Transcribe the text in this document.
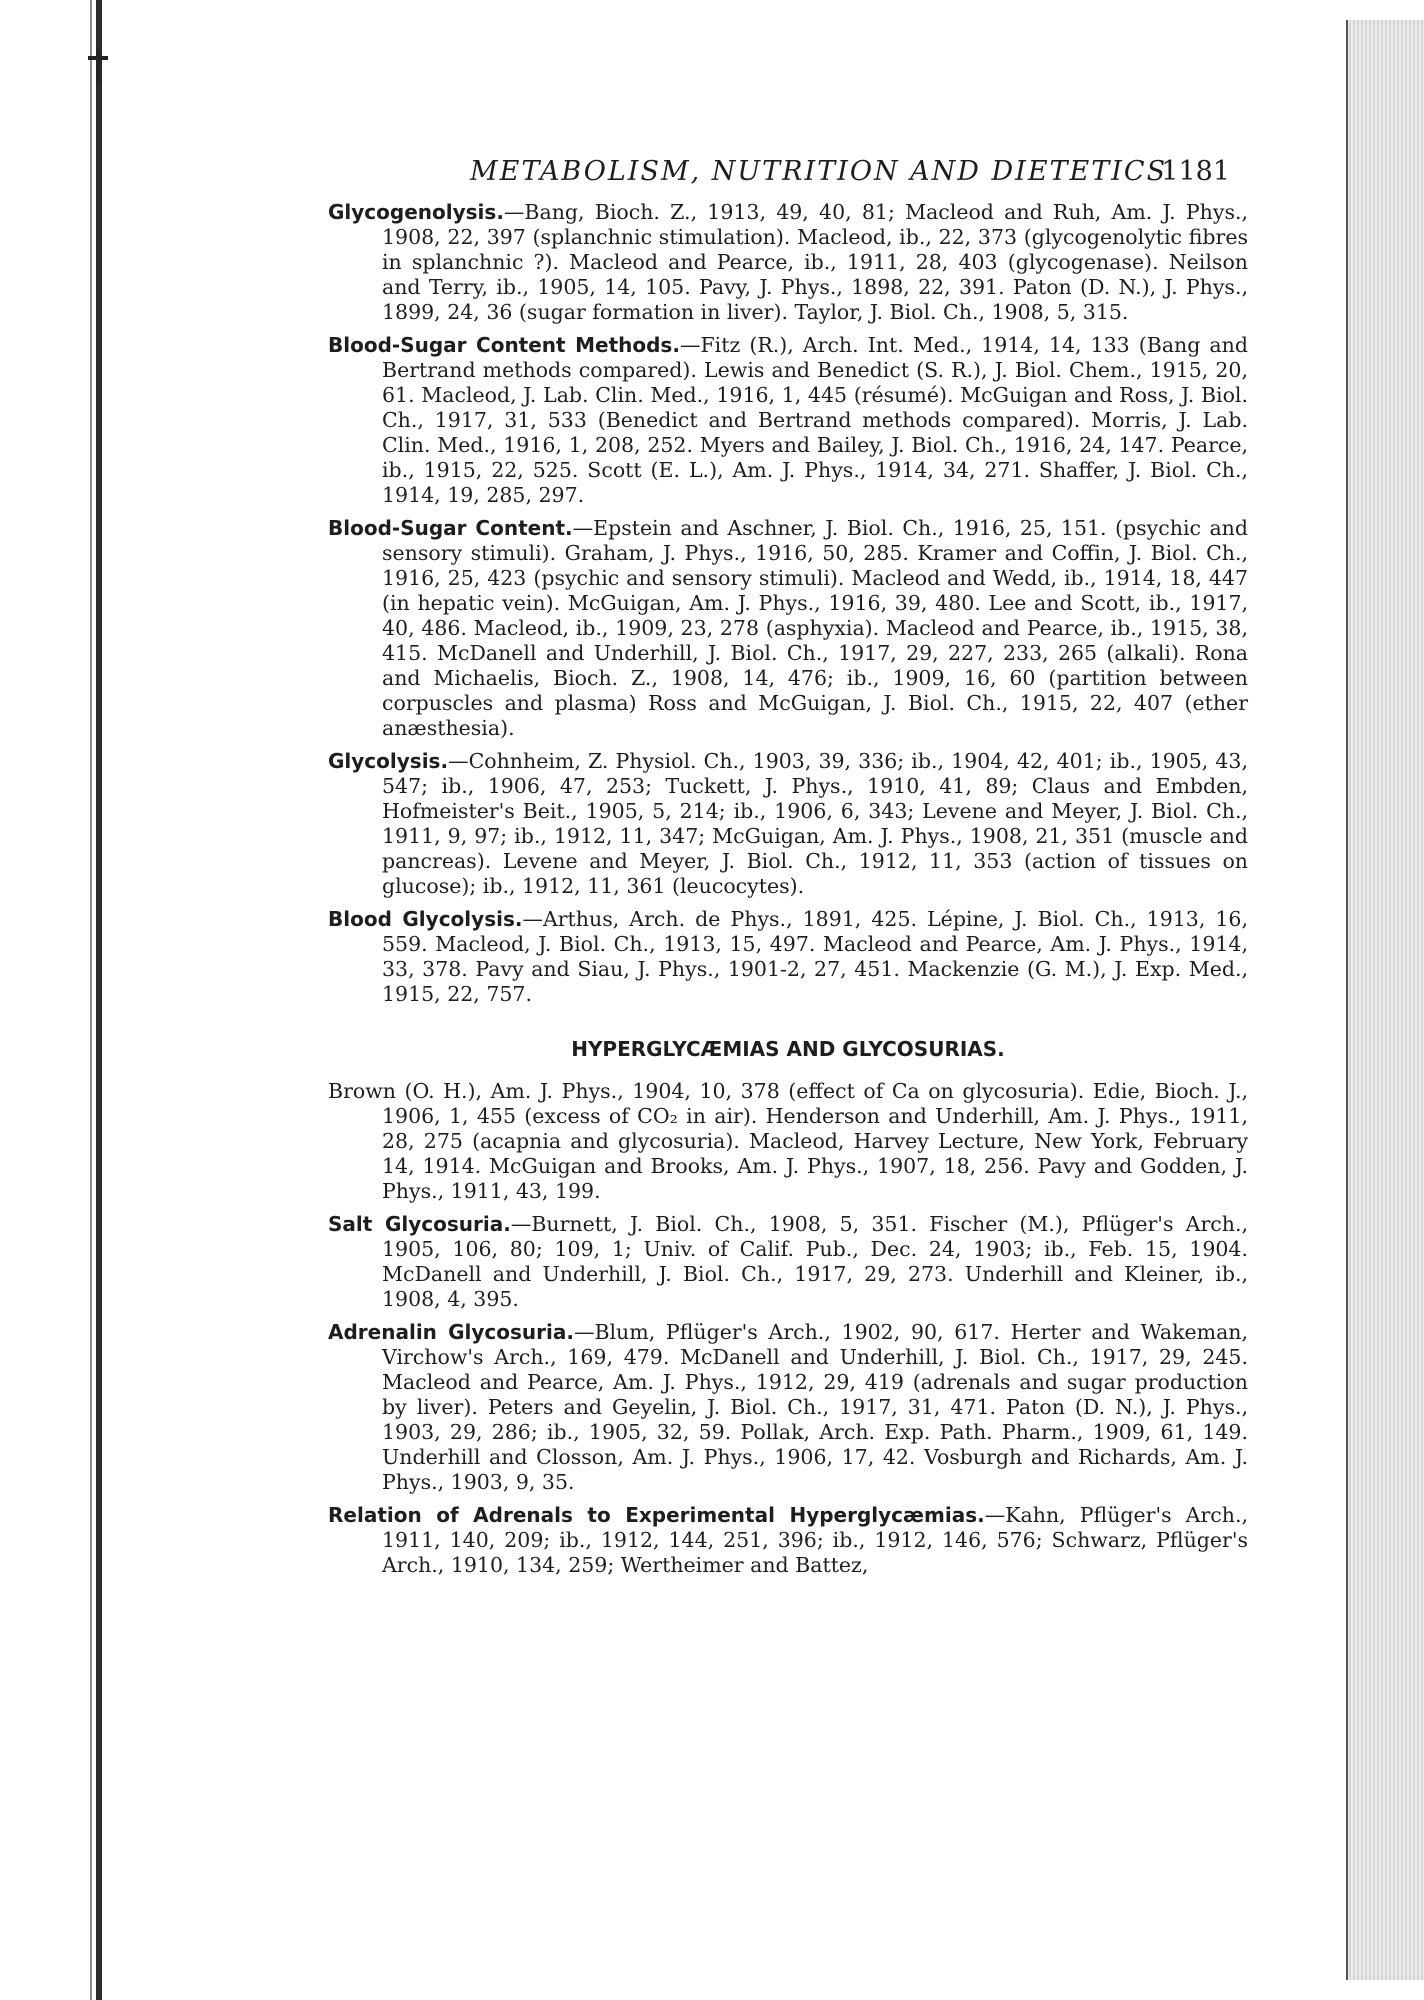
METABOLISM, NUTRITION AND DIETETICS
1181

Glycogenolysis.—Bang, Bioch. Z., 1913, 49, 40, 81; Macleod and Ruh, Am. J. Phys., 1908, 22, 397 (splanchnic stimulation). Macleod, ib., 22, 373 (glycogenolytic fibres in splanchnic ?). Macleod and Pearce, ib., 1911, 28, 403 (glycogenase). Neilson and Terry, ib., 1905, 14, 105. Pavy, J. Phys., 1898, 22, 391. Paton (D. N.), J. Phys., 1899, 24, 36 (sugar formation in liver). Taylor, J. Biol. Ch., 1908, 5, 315.

Blood-Sugar Content Methods.—Fitz (R.), Arch. Int. Med., 1914, 14, 133 (Bang and Bertrand methods compared). Lewis and Benedict (S. R.), J. Biol. Chem., 1915, 20, 61. Macleod, J. Lab. Clin. Med., 1916, 1, 445 (résumé). McGuigan and Ross, J. Biol. Ch., 1917, 31, 533 (Benedict and Bertrand methods compared). Morris, J. Lab. Clin. Med., 1916, 1, 208, 252. Myers and Bailey, J. Biol. Ch., 1916, 24, 147. Pearce, ib., 1915, 22, 525. Scott (E. L.), Am. J. Phys., 1914, 34, 271. Shaffer, J. Biol. Ch., 1914, 19, 285, 297.

Blood-Sugar Content.—Epstein and Aschner, J. Biol. Ch., 1916, 25, 151. (psychic and sensory stimuli). Graham, J. Phys., 1916, 50, 285. Kramer and Coffin, J. Biol. Ch., 1916, 25, 423 (psychic and sensory stimuli). Macleod and Wedd, ib., 1914, 18, 447 (in hepatic vein). McGuigan, Am. J. Phys., 1916, 39, 480. Lee and Scott, ib., 1917, 40, 486. Macleod, ib., 1909, 23, 278 (asphyxia). Macleod and Pearce, ib., 1915, 38, 415. McDanell and Underhill, J. Biol. Ch., 1917, 29, 227, 233, 265 (alkali). Rona and Michaelis, Bioch. Z., 1908, 14, 476; ib., 1909, 16, 60 (partition between corpuscles and plasma) Ross and McGuigan, J. Biol. Ch., 1915, 22, 407 (ether anæsthesia).

Glycolysis.—Cohnheim, Z. Physiol. Ch., 1903, 39, 336; ib., 1904, 42, 401; ib., 1905, 43, 547; ib., 1906, 47, 253; Tuckett, J. Phys., 1910, 41, 89; Claus and Embden, Hofmeister's Beit., 1905, 5, 214; ib., 1906, 6, 343; Levene and Meyer, J. Biol. Ch., 1911, 9, 97; ib., 1912, 11, 347; McGuigan, Am. J. Phys., 1908, 21, 351 (muscle and pancreas). Levene and Meyer, J. Biol. Ch., 1912, 11, 353 (action of tissues on glucose); ib., 1912, 11, 361 (leucocytes).

Blood Glycolysis.—Arthus, Arch. de Phys., 1891, 425. Lépine, J. Biol. Ch., 1913, 16, 559. Macleod, J. Biol. Ch., 1913, 15, 497. Macleod and Pearce, Am. J. Phys., 1914, 33, 378. Pavy and Siau, J. Phys., 1901-2, 27, 451. Mackenzie (G. M.), J. Exp. Med., 1915, 22, 757.

HYPERGLYCÆMIAS AND GLYCOSURIAS.

Brown (O. H.), Am. J. Phys., 1904, 10, 378 (effect of Ca on glycosuria). Edie, Bioch. J., 1906, 1, 455 (excess of CO₂ in air). Henderson and Underhill, Am. J. Phys., 1911, 28, 275 (acapnia and glycosuria). Macleod, Harvey Lecture, New York, February 14, 1914. McGuigan and Brooks, Am. J. Phys., 1907, 18, 256. Pavy and Godden, J. Phys., 1911, 43, 199.

Salt Glycosuria.—Burnett, J. Biol. Ch., 1908, 5, 351. Fischer (M.), Pflüger's Arch., 1905, 106, 80; 109, 1; Univ. of Calif. Pub., Dec. 24, 1903; ib., Feb. 15, 1904. McDanell and Underhill, J. Biol. Ch., 1917, 29, 273. Underhill and Kleiner, ib., 1908, 4, 395.

Adrenalin Glycosuria.—Blum, Pflüger's Arch., 1902, 90, 617. Herter and Wakeman, Virchow's Arch., 169, 479. McDanell and Underhill, J. Biol. Ch., 1917, 29, 245. Macleod and Pearce, Am. J. Phys., 1912, 29, 419 (adrenals and sugar production by liver). Peters and Geyelin, J. Biol. Ch., 1917, 31, 471. Paton (D. N.), J. Phys., 1903, 29, 286; ib., 1905, 32, 59. Pollak, Arch. Exp. Path. Pharm., 1909, 61, 149. Underhill and Closson, Am. J. Phys., 1906, 17, 42. Vosburgh and Richards, Am. J. Phys., 1903, 9, 35.

Relation of Adrenals to Experimental Hyperglycæmias.—Kahn, Pflüger's Arch., 1911, 140, 209; ib., 1912, 144, 251, 396; ib., 1912, 146, 576; Schwarz, Pflüger's Arch., 1910, 134, 259; Wertheimer and Battez,
